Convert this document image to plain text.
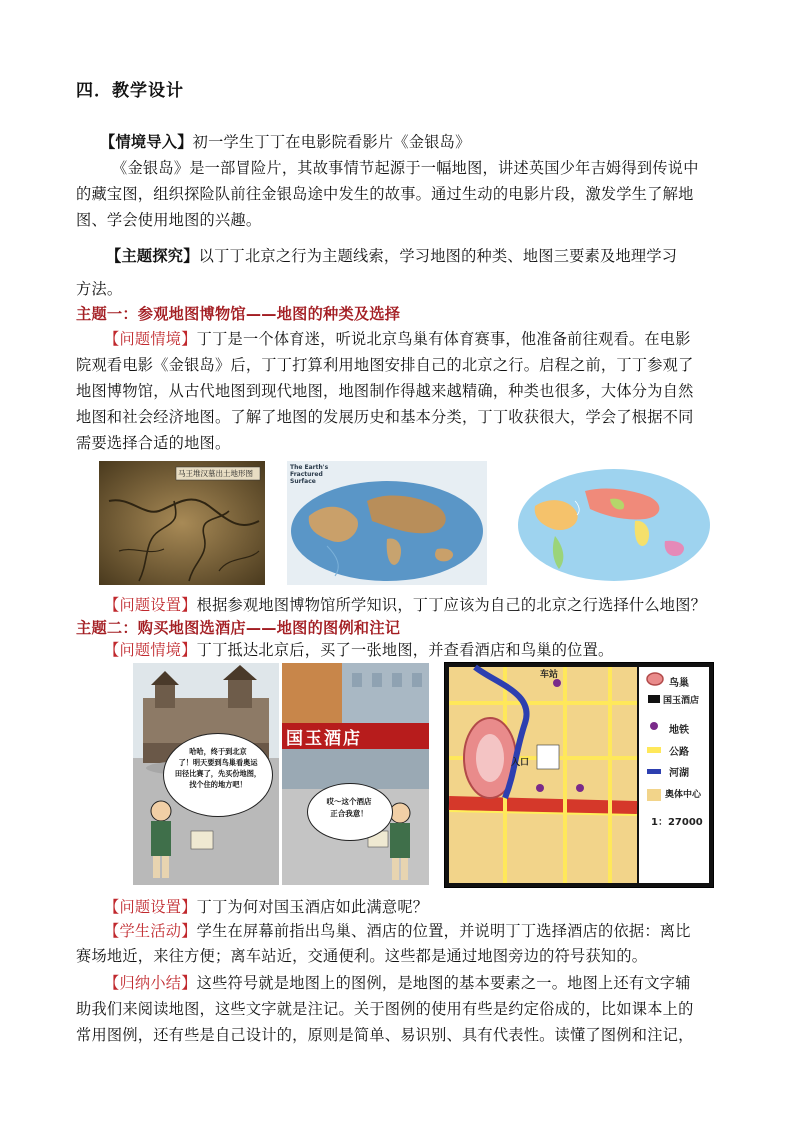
四．教学设计
【情境导入】初一学生丁丁在电影院看影片《金银岛》
《金银岛》是一部冒险片，其故事情节起源于一幅地图，讲述英国少年吉姆得到传说中
的藏宝图，组织探险队前往金银岛途中发生的故事。通过生动的电影片段，激发学生了解地
图、学会使用地图的兴趣。
【主题探究】以丁丁北京之行为主题线索，学习地图的种类、地图三要素及地理学习
方法。
主题一：参观地图博物馆——地图的种类及选择
【问题情境】丁丁是一个体育迷，听说北京鸟巢有体育赛事，他准备前往观看。在电影
院观看电影《金银岛》后，丁丁打算利用地图安排自己的北京之行。启程之前，丁丁参观了
地图博物馆，从古代地图到现代地图，地图制作得越来越精确，种类也很多，大体分为自然
地图和社会经济地图。了解了地图的发展历史和基本分类，丁丁收获很大，学会了根据不同
需要选择合适的地图。
马王堆汉墓出土地形图
The Earth's
Fractured
Surface
【问题设置】根据参观地图博物馆所学知识，丁丁应该为自己的北京之行选择什么地图？
主题二：购买地图选酒店——地图的图例和注记
【问题情境】丁丁抵达北京后，买了一张地图，并查看酒店和鸟巢的位置。
哈哈，终于到北京
了！明天要到鸟巢看奥运
田径比赛了，先买份地图，
找个住的地方吧！
国玉酒店
哎～这个酒店
正合我意！
车站
入口
鸟巢
国玉酒店
地铁
公路
河湖
奥体中心
1：27000
【问题设置】丁丁为何对国玉酒店如此满意呢？
【学生活动】学生在屏幕前指出鸟巢、酒店的位置，并说明丁丁选择酒店的依据：离比
赛场地近，来往方便；离车站近，交通便利。这些都是通过地图旁边的符号获知的。
【归纳小结】这些符号就是地图上的图例，是地图的基本要素之一。地图上还有文字辅
助我们来阅读地图，这些文字就是注记。关于图例的使用有些是约定俗成的，比如课本上的
常用图例，还有些是自己设计的，原则是简单、易识别、具有代表性。读懂了图例和注记，
